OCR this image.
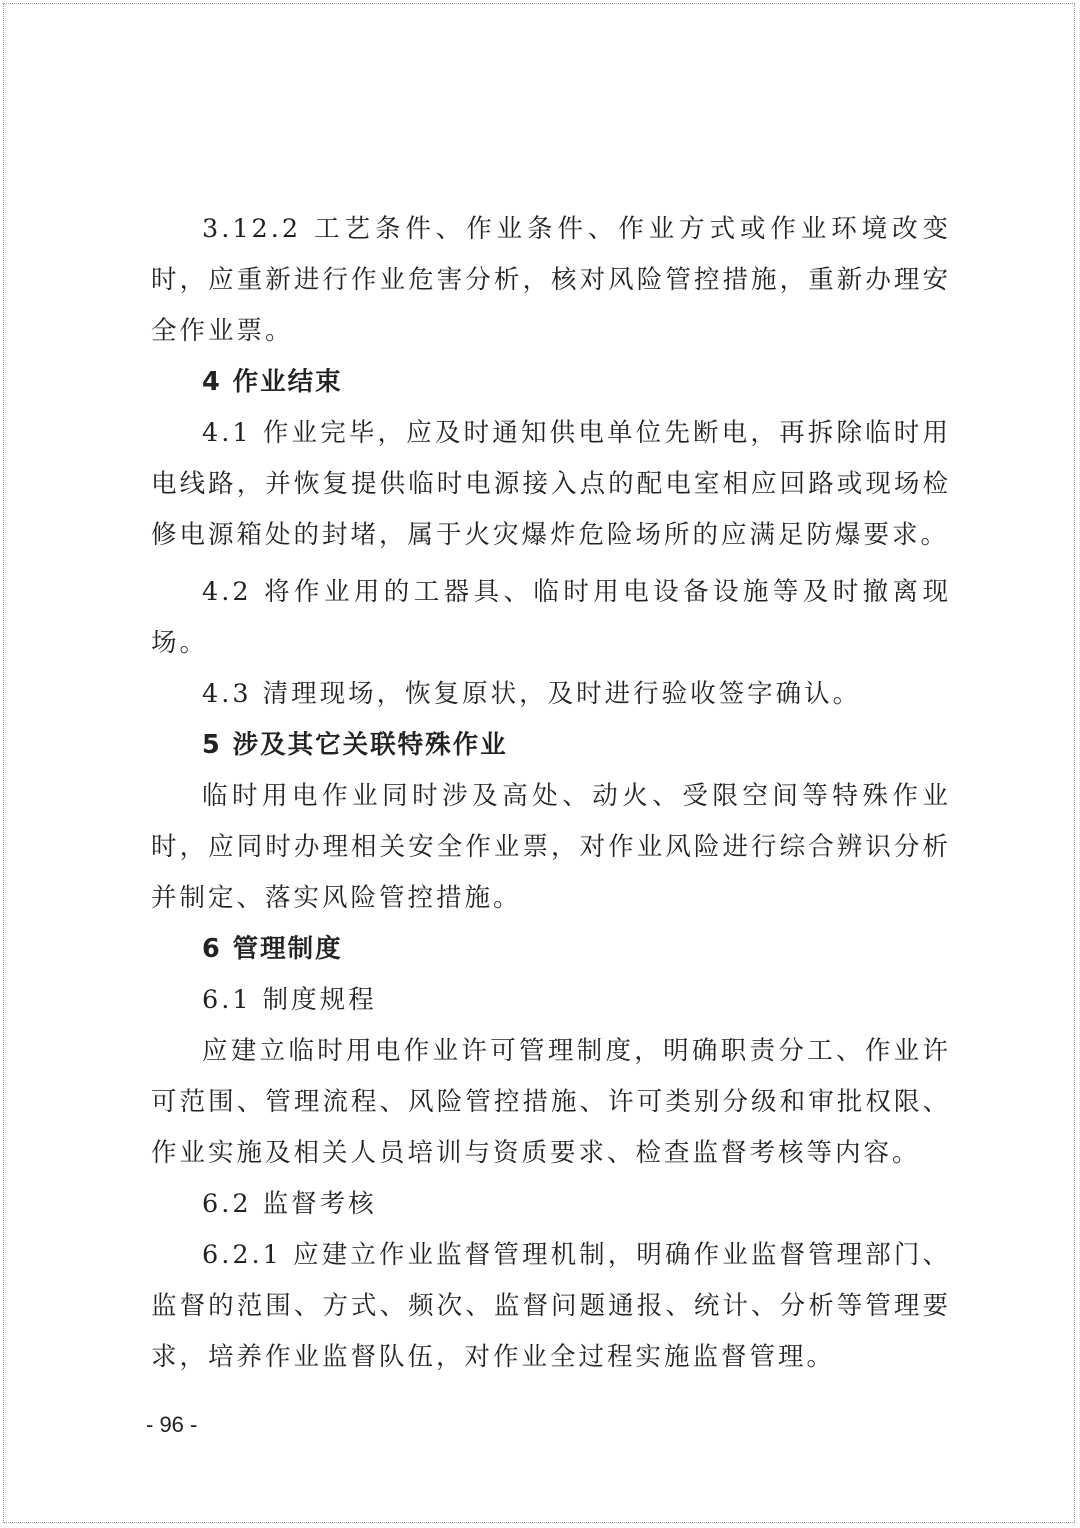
3.12.2 工艺条件、作业条件、作业方式或作业环境改变时，应重新进行作业危害分析，核对风险管控措施，重新办理安全作业票。

4 作业结束

4.1 作业完毕，应及时通知供电单位先断电，再拆除临时用电线路，并恢复提供临时电源接入点的配电室相应回路或现场检修电源箱处的封堵，属于火灾爆炸危险场所的应满足防爆要求。

4.2 将作业用的工器具、临时用电设备设施等及时撤离现场。

4.3 清理现场，恢复原状，及时进行验收签字确认。

5 涉及其它关联特殊作业

临时用电作业同时涉及高处、动火、受限空间等特殊作业时，应同时办理相关安全作业票，对作业风险进行综合辨识分析并制定、落实风险管控措施。

6 管理制度

6.1 制度规程

应建立临时用电作业许可管理制度，明确职责分工、作业许可范围、管理流程、风险管控措施、许可类别分级和审批权限、作业实施及相关人员培训与资质要求、检查监督考核等内容。

6.2 监督考核

6.2.1 应建立作业监督管理机制，明确作业监督管理部门、监督的范围、方式、频次、监督问题通报、统计、分析等管理要求，培养作业监督队伍，对作业全过程实施监督管理。

- 96 -
